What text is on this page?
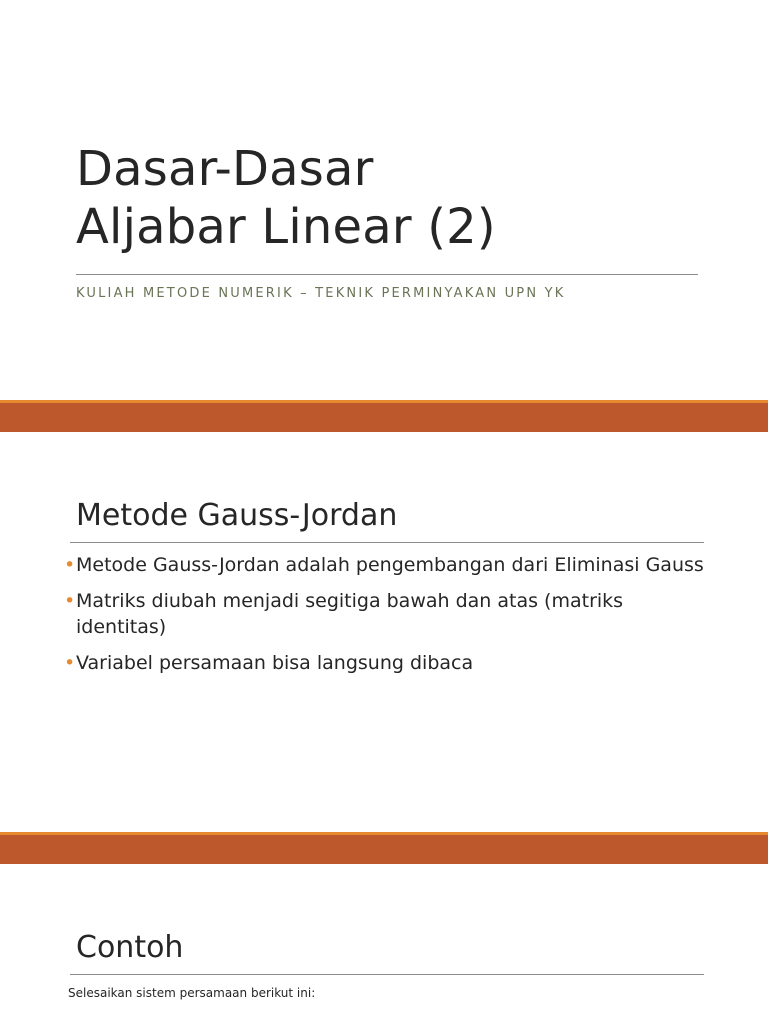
Dasar-Dasar
Aljabar Linear (2)
KULIAH METODE NUMERIK – TEKNIK PERMINYAKAN UPN YK
Metode Gauss-Jordan
• Metode Gauss-Jordan adalah pengembangan dari Eliminasi Gauss
• Matriks diubah menjadi segitiga bawah dan atas (matriks identitas)
• Variabel persamaan bisa langsung dibaca
Contoh
Selesaikan sistem persamaan berikut ini:
